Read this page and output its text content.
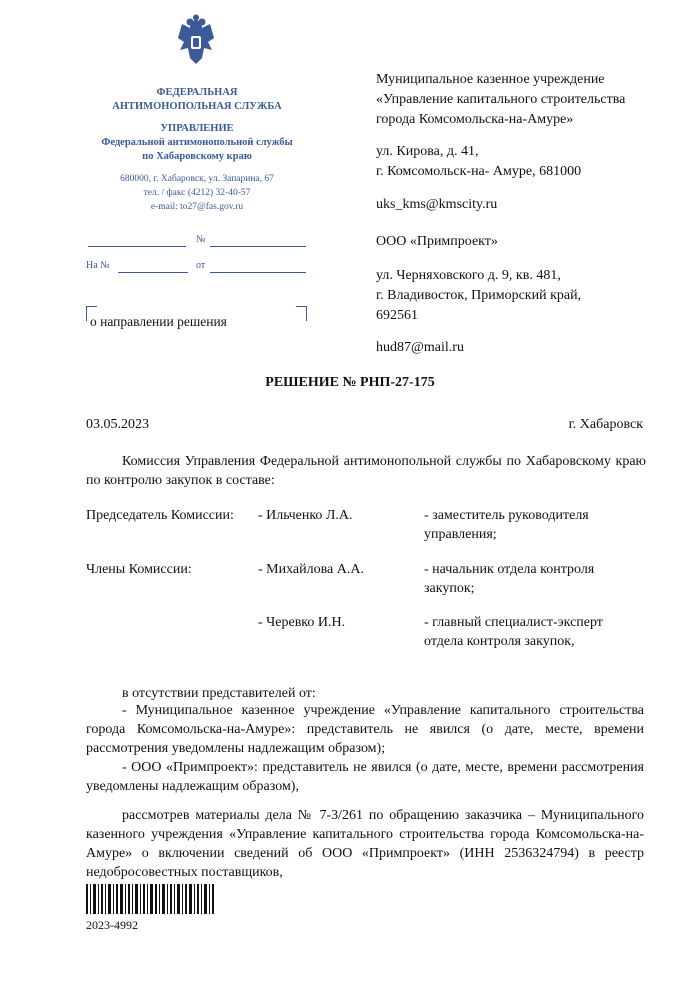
ФЕДЕРАЛЬНАЯ
АНТИМОНОПОЛЬНАЯ СЛУЖБА
УПРАВЛЕНИЕ
Федеральной антимонопольной службы
по Хабаровскому краю
680000, г. Хабаровск, ул. Запарина, 67
тел. / факс (4212) 32-40-57
e-mail: to27@fas.gov.ru
№
На №	от
о направлении решения
Муниципальное казенное учреждение
«Управление капитального строительства
города Комсомольска-на-Амуре»
ул. Кирова, д. 41,
г. Комсомольск-на- Амуре, 681000
uks_kms@kmscity.ru
ООО «Примпроект»
ул. Черняховского д. 9, кв. 481,
г. Владивосток, Приморский край,
692561
hud87@mail.ru
РЕШЕНИЕ № РНП-27-175
03.05.2023	г. Хабаровск
Комиссия Управления Федеральной антимонопольной службы по Хабаровскому краю по контролю закупок в составе:
Председатель Комиссии: - Ильченко Л.А.	- заместитель руководителя управления;
Члены Комиссии:	- Михайлова А.А.	- начальник отдела контроля закупок;
- Черевко И.Н.	- главный специалист-эксперт отдела контроля закупок,
в отсутствии представителей от:
- Муниципальное казенное учреждение «Управление капитального строительства города Комсомольска-на-Амуре»: представитель не явился (о дате, месте, времени рассмотрения уведомлены надлежащим образом);
- ООО «Примпроект»: представитель не явился (о дате, месте, времени рассмотрения уведомлены надлежащим образом),
рассмотрев материалы дела № 7-3/261 по обращению заказчика – Муниципального казенного учреждения «Управление капитального строительства города Комсомольска-на-Амуре» о включении сведений об ООО «Примпроект» (ИНН 2536324794) в реестр недобросовестных поставщиков,
2023-4992
